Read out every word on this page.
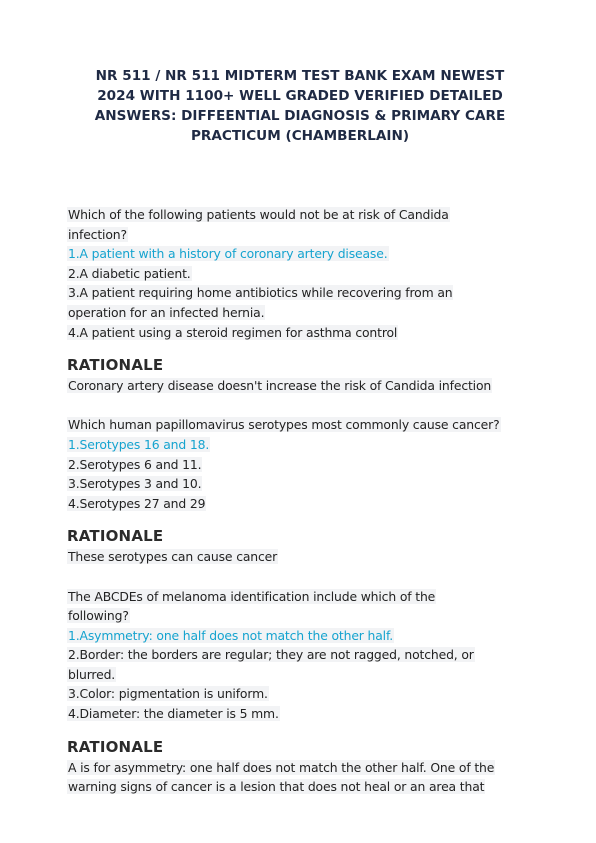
NR 511 / NR 511 MIDTERM TEST BANK EXAM NEWEST
2024 WITH 1100+ WELL GRADED VERIFIED DETAILED
ANSWERS: DIFFEENTIAL DIAGNOSIS & PRIMARY CARE
PRACTICUM (CHAMBERLAIN)
Which of the following patients would not be at risk of Candida
infection?
1.A patient with a history of coronary artery disease.
2.A diabetic patient.
3.A patient requiring home antibiotics while recovering from an
operation for an infected hernia.
4.A patient using a steroid regimen for asthma control
RATIONALE
Coronary artery disease doesn't increase the risk of Candida infection
Which human papillomavirus serotypes most commonly cause cancer?
1.Serotypes 16 and 18.
2.Serotypes 6 and 11.
3.Serotypes 3 and 10.
4.Serotypes 27 and 29
RATIONALE
These serotypes can cause cancer
The ABCDEs of melanoma identification include which of the
following?
1.Asymmetry: one half does not match the other half.
2.Border: the borders are regular; they are not ragged, notched, or
blurred.
3.Color: pigmentation is uniform.
4.Diameter: the diameter is 5 mm.
RATIONALE
A is for asymmetry: one half does not match the other half. One of the
warning signs of cancer is a lesion that does not heal or an area that
